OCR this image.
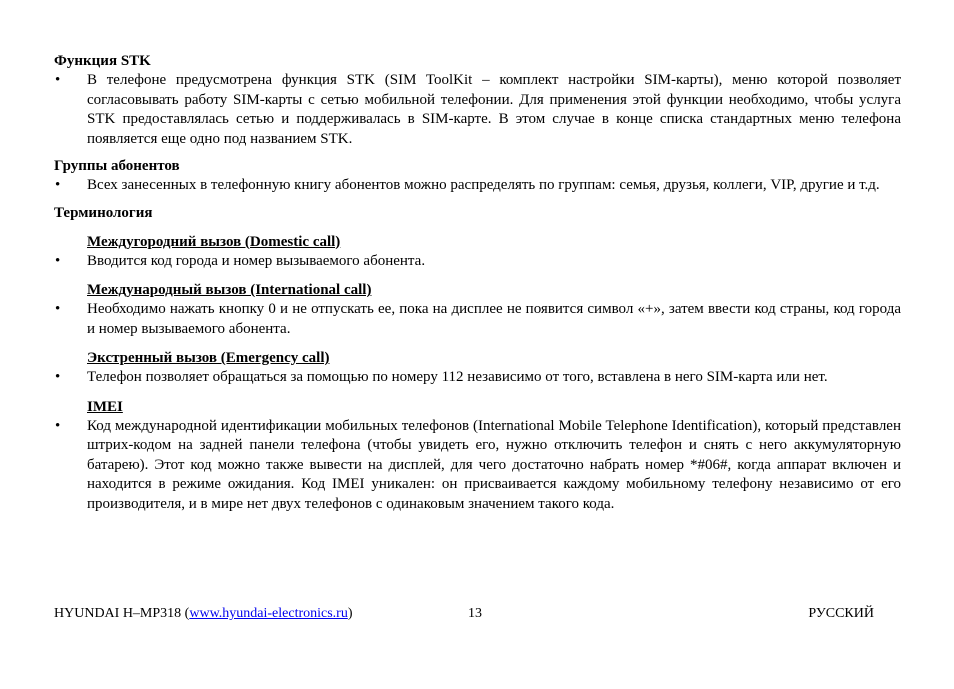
Функция STK

•	В телефоне предусмотрена функция STK (SIM ToolKit – комплект настройки SIM-карты), меню которой позволяет согласовывать работу SIM-карты с сетью мобильной телефонии. Для применения этой функции необходимо, чтобы услуга STK предоставлялась сетью и поддерживалась в SIM-карте. В этом случае в конце списка стандартных меню телефона появляется еще одно под названием STK.

Группы абонентов

•	Всех занесенных в телефонную книгу абонентов можно распределять по группам: семья, друзья, коллеги, VIP, другие и т.д.

Терминология

Междугородний вызов (Domestic call)
•	Вводится код города и номер вызываемого абонента.
Международный вызов (International call)
•	Необходимо нажать кнопку 0 и не отпускать ее, пока на дисплее не появится символ «+», затем ввести код страны, код города и номер вызываемого абонента.
Экстренный вызов (Emergency call)
•	Телефон позволяет обращаться за помощью по номеру 112 независимо от того, вставлена в него SIM-карта или нет.
IMEI
•	Код международной идентификации мобильных телефонов (International Mobile Telephone Identification), который представлен штрих-кодом на задней панели телефона (чтобы увидеть его, нужно отключить телефон и снять с него аккумуляторную батарею). Этот код можно также вывести на дисплей, для чего достаточно набрать номер *#06#, когда аппарат включен и находится в режиме ожидания. Код IMEI уникален: он присваивается каждому мобильному телефону независимо от его производителя, и в мире нет двух телефонов с одинаковым значением такого кода.
HYUNDAI H–MP318 (www.hyundai-electronics.ru)	13	РУССКИЙ
